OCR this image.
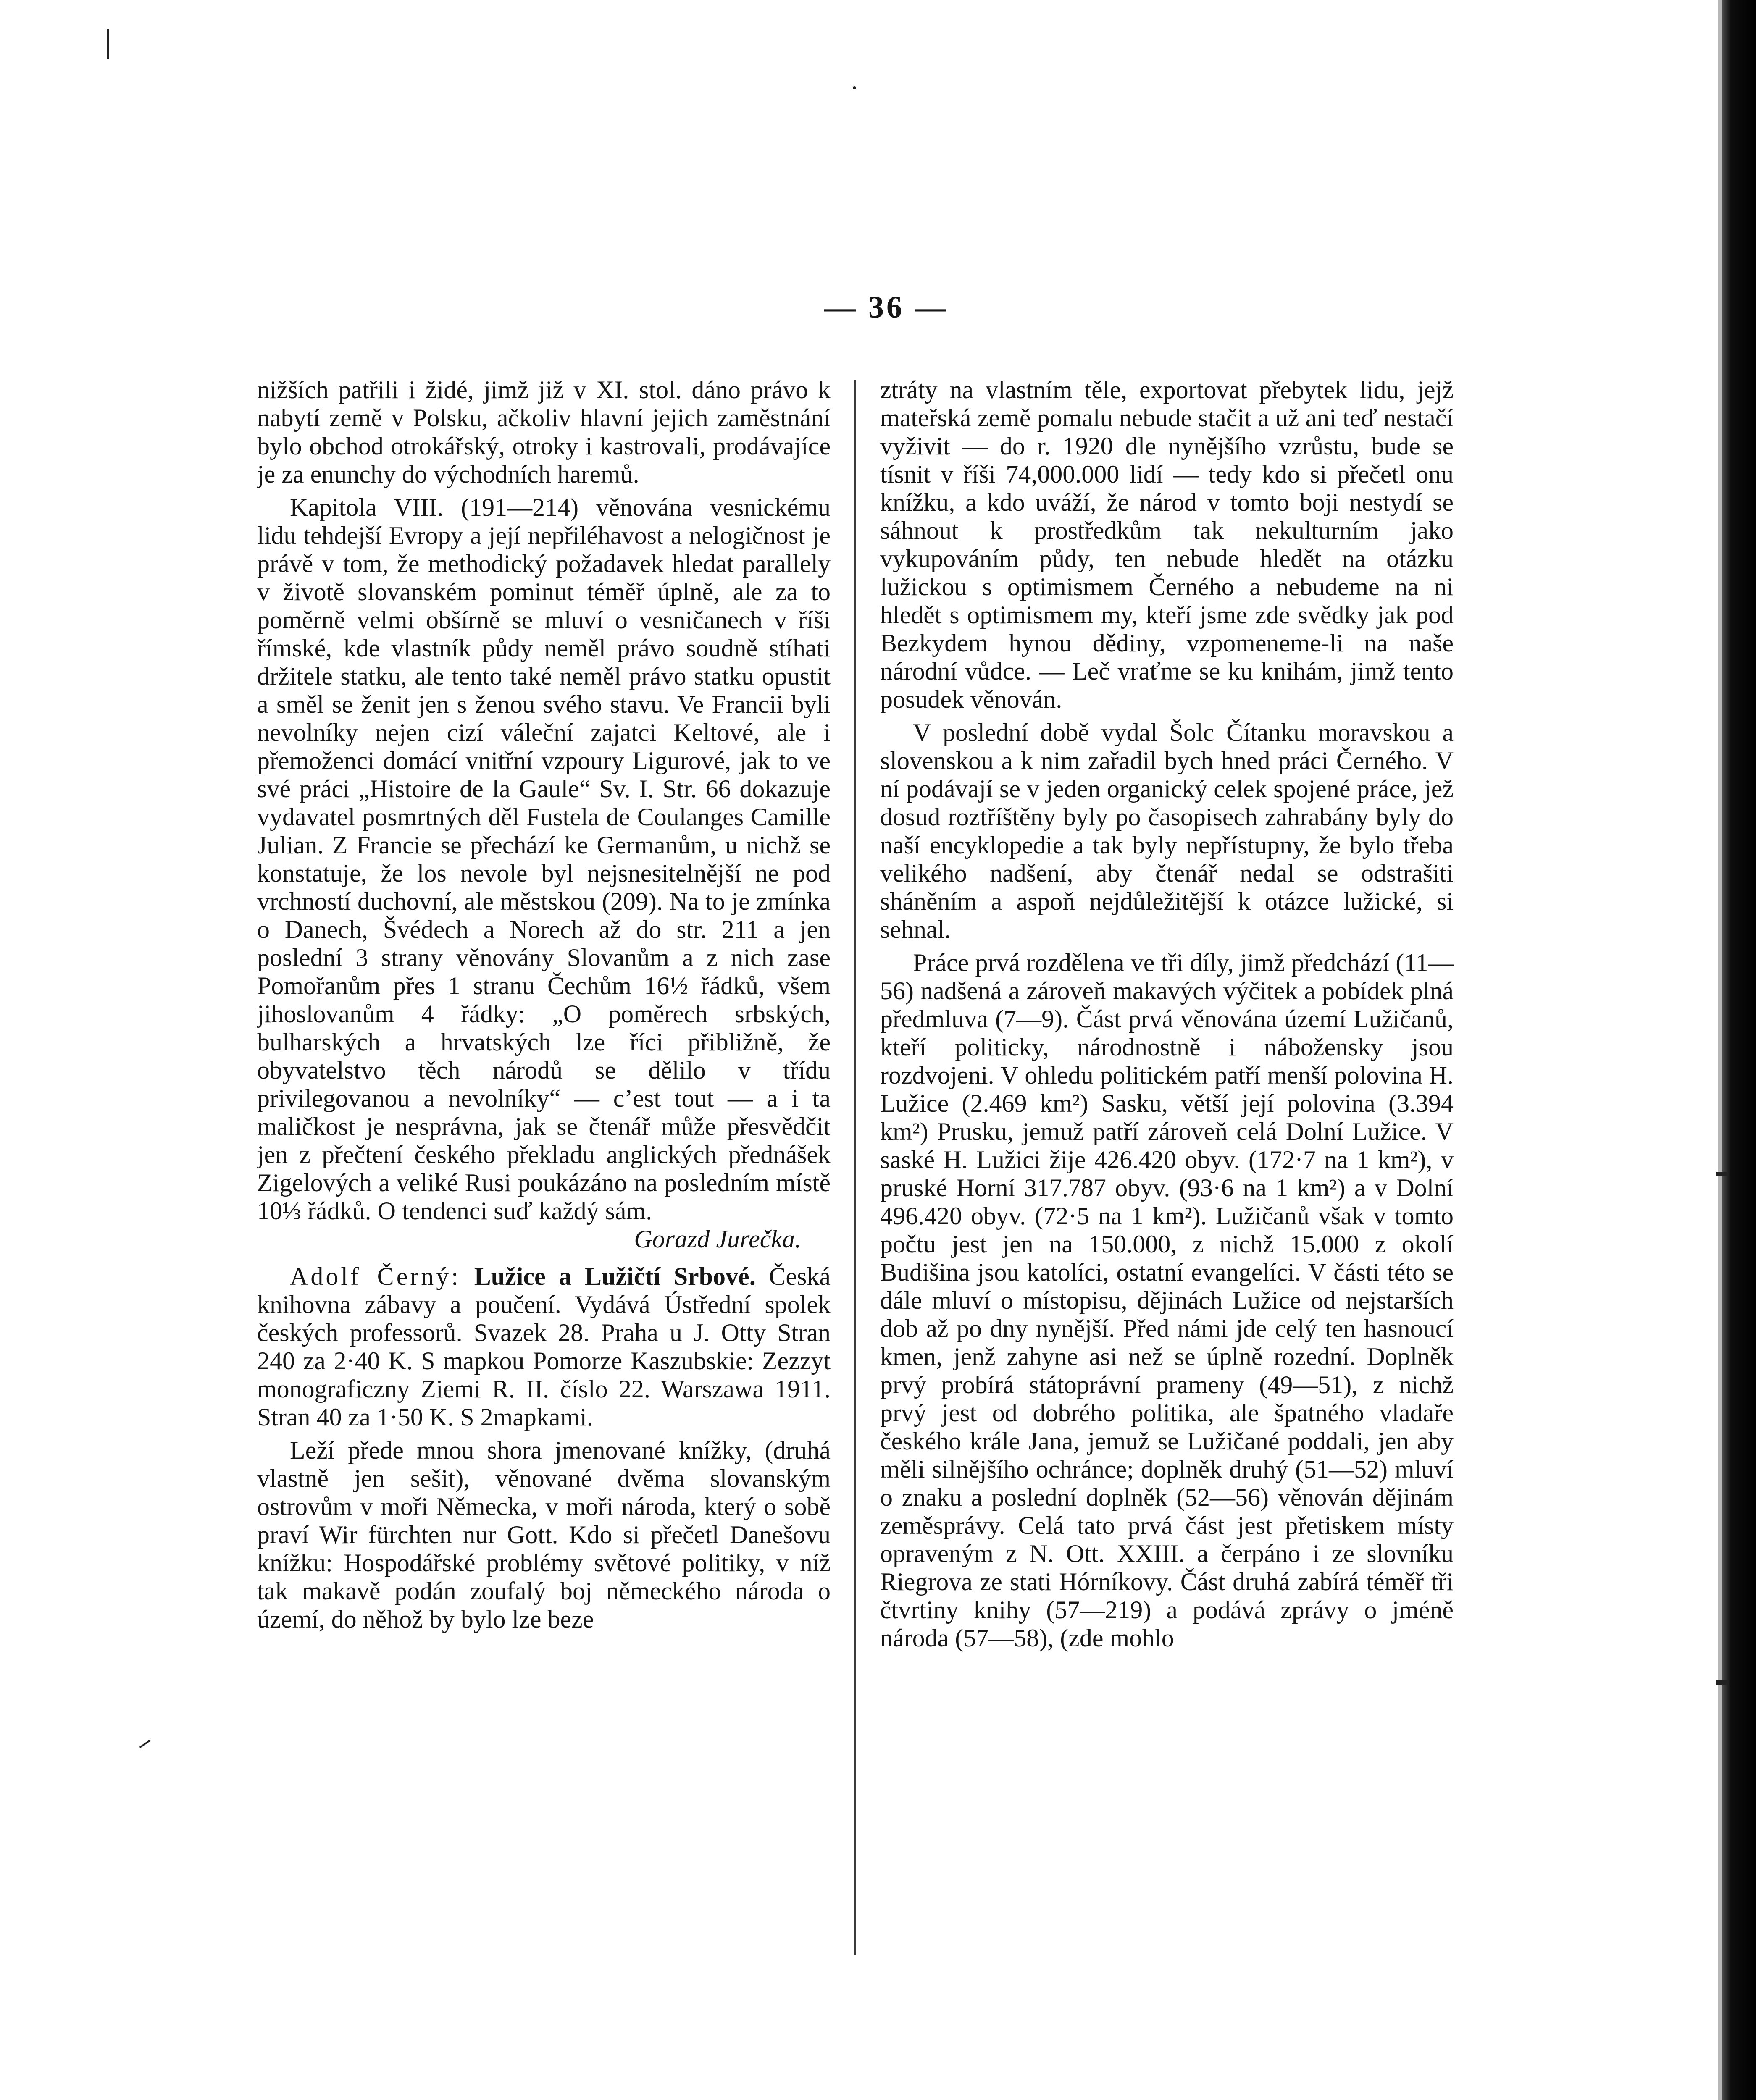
— 36 —

nižších patřili i židé, jimž již v XI. stol. dáno právo k nabytí země v Polsku, ačkoliv hlavní jejich zaměstnání bylo obchod otrokářský, otroky i kastrovali, prodávajíce je za enunchy do východních haremů.

Kapitola VIII. (191—214) věnována vesnickému lidu tehdejší Evropy a její nepřiléhavost a nelogičnost je právě v tom, že methodický požadavek hledat parallely v životě slovanském pominut téměř úplně, ale za to poměrně velmi obšírně se mluví o vesničanech v říši římské, kde vlastník půdy neměl právo soudně stíhati držitele statku, ale tento také neměl právo statku opustit a směl se ženit jen s ženou svého stavu. Ve Francii byli nevolníky nejen cizí váleční zajatci Keltové, ale i přemoženci domácí vnitřní vzpoury Ligurové, jak to ve své práci „Histoire de la Gaule“ Sv. I. Str. 66 dokazuje vydavatel posmrtných děl Fustela de Coulanges Camille Julian. Z Francie se přechází ke Germanům, u nichž se konstatuje, že los nevole byl nejsnesitelnější ne pod vrchností duchovní, ale městskou (209). Na to je zmínka o Danech, Švédech a Norech až do str. 211 a jen poslední 3 strany věnovány Slovanům a z nich zase Pomořanům přes 1 stranu Čechům 16½ řádků, všem jihoslovanům 4 řádky: „O poměrech srbských, bulharských a hrvatských lze říci přibližně, že obyvatelstvo těch národů se dělilo v třídu privilegovanou a nevolníky“ — c’est tout — a i ta maličkost je nesprávna, jak se čtenář může přesvědčit jen z přečtení českého překladu anglických přednášek Zigelových a veliké Rusi poukázáno na posledním místě 10⅓ řádků. O tendenci suď každý sám.

Gorazd Jurečka.

Adolf Černý: Lužice a Lužičtí Srbové. Česká knihovna zábavy a poučení. Vydává Ústřední spolek českých professorů. Svazek 28. Praha u J. Otty Stran 240 za 2·40 K. S mapkou Pomorze Kaszubskie: Zezzyt monograficzny Ziemi R. II. číslo 22. Warszawa 1911. Stran 40 za 1·50 K. S 2mapkami.

Leží přede mnou shora jmenované knížky, (druhá vlastně jen sešit), věnované dvěma slovanským ostrovům v moři Německa, v moři národa, který o sobě praví Wir fürchten nur Gott. Kdo si přečetl Danešovu knížku: Hospodářské problémy světové politiky, v níž tak makavě podán zoufalý boj německého národa o území, do něhož by bylo lze beze

ztráty na vlastním těle, exportovat přebytek lidu, jejž mateřská země pomalu nebude stačit a už ani teď nestačí vyživit — do r. 1920 dle nynějšího vzrůstu, bude se tísnit v říši 74,000.000 lidí — tedy kdo si přečetl onu knížku, a kdo uváží, že národ v tomto boji nestydí se sáhnout k prostředkům tak nekulturním jako vykupováním půdy, ten nebude hledět na otázku lužickou s optimismem Černého a nebudeme na ni hledět s optimismem my, kteří jsme zde svědky jak pod Bezkydem hynou dědiny, vzpomeneme-li na naše národní vůdce. — Leč vraťme se ku knihám, jimž tento posudek věnován.

V poslední době vydal Šolc Čítanku moravskou a slovenskou a k nim zařadil bych hned práci Černého. V ní podávají se v jeden organický celek spojené práce, jež dosud roztříštěny byly po časopisech zahrabány byly do naší encyklopedie a tak byly nepřístupny, že bylo třeba velikého nadšení, aby čtenář nedal se odstrašiti sháněním a aspoň nejdůležitější k otázce lužické, si sehnal.

Práce prvá rozdělena ve tři díly, jimž předchází (11—56) nadšená a zároveň makavých výčitek a pobídek plná předmluva (7—9). Část prvá věnována území Lužičanů, kteří politicky, národnostně i nábožensky jsou rozdvojeni. V ohledu politickém patří menší polovina H. Lužice (2.469 km²) Sasku, větší její polovina (3.394 km²) Prusku, jemuž patří zároveň celá Dolní Lužice. V saské H. Lužici žije 426.420 obyv. (172·7 na 1 km²), v pruské Horní 317.787 obyv. (93·6 na 1 km²) a v Dolní 496.420 obyv. (72·5 na 1 km²). Lužičanů však v tomto počtu jest jen na 150.000, z nichž 15.000 z okolí Budišina jsou katolíci, ostatní evangelíci. V části této se dále mluví o místopisu, dějinách Lužice od nejstarších dob až po dny nynější. Před námi jde celý ten hasnoucí kmen, jenž zahyne asi než se úplně rozední. Doplněk prvý probírá státoprávní prameny (49—51), z nichž prvý jest od dobrého politika, ale špatného vladaře českého krále Jana, jemuž se Lužičané poddali, jen aby měli silnějšího ochránce; doplněk druhý (51—52) mluví o znaku a poslední doplněk (52—56) věnován dějinám zeměsprávy. Celá tato prvá část jest přetiskem místy opraveným z N. Ott. XXIII. a čerpáno i ze slovníku Riegrova ze stati Hórníkovy. Část druhá zabírá téměř tři čtvrtiny knihy (57—219) a podává zprávy o jméně národa (57—58), (zde mohlo
